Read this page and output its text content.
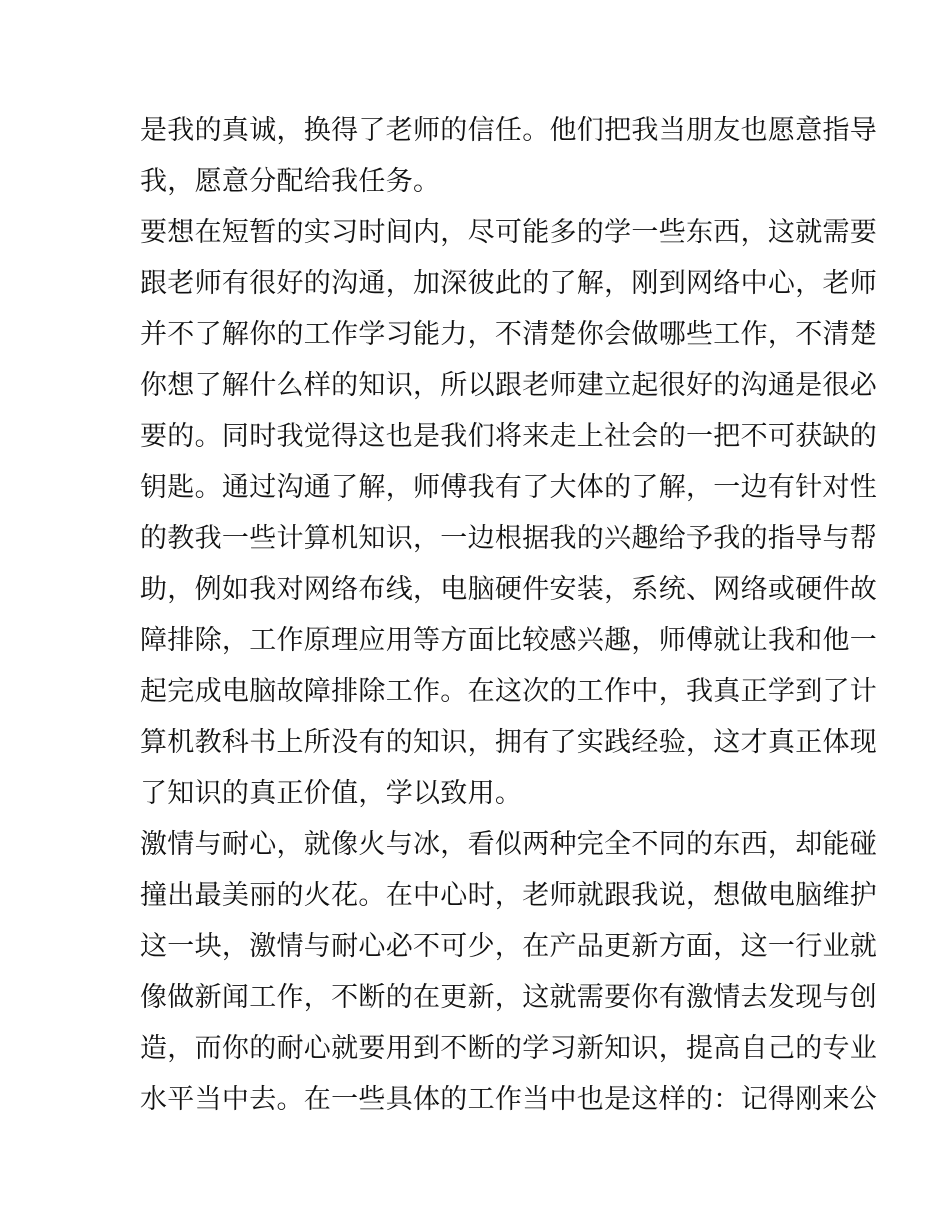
是我的真诚，换得了老师的信任。他们把我当朋友也愿意指导
我，愿意分配给我任务。
要想在短暂的实习时间内，尽可能多的学一些东西，这就需要
跟老师有很好的沟通，加深彼此的了解，刚到网络中心，老师
并不了解你的工作学习能力，不清楚你会做哪些工作，不清楚
你想了解什么样的知识，所以跟老师建立起很好的沟通是很必
要的。同时我觉得这也是我们将来走上社会的一把不可获缺的
钥匙。通过沟通了解，师傅我有了大体的了解，一边有针对性
的教我一些计算机知识，一边根据我的兴趣给予我的指导与帮
助，例如我对网络布线，电脑硬件安装，系统、网络或硬件故
障排除，工作原理应用等方面比较感兴趣，师傅就让我和他一
起完成电脑故障排除工作。在这次的工作中，我真正学到了计
算机教科书上所没有的知识，拥有了实践经验，这才真正体现
了知识的真正价值，学以致用。
激情与耐心，就像火与冰，看似两种完全不同的东西，却能碰
撞出最美丽的火花。在中心时，老师就跟我说，想做电脑维护
这一块，激情与耐心必不可少，在产品更新方面，这一行业就
像做新闻工作，不断的在更新，这就需要你有激情去发现与创
造，而你的耐心就要用到不断的学习新知识，提高自己的专业
水平当中去。在一些具体的工作当中也是这样的：记得刚来公
